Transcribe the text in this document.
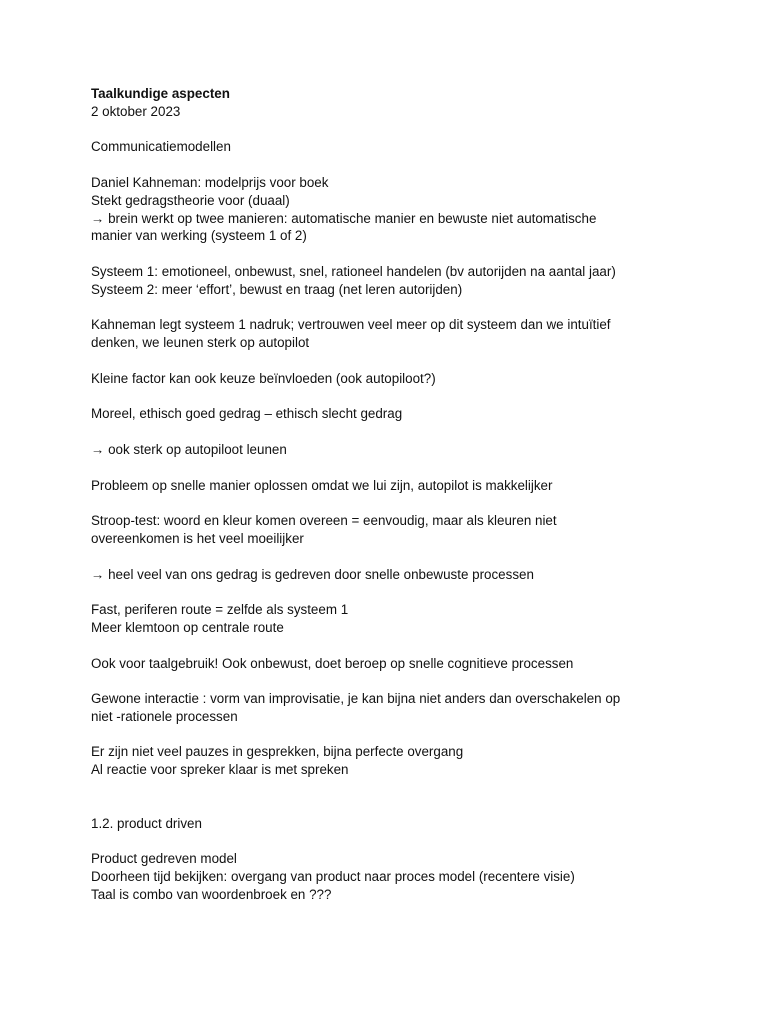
Taalkundige aspecten

2 oktober 2023

Communicatiemodellen

Daniel Kahneman: modelprijs voor boek

Stekt gedragstheorie voor (duaal)

→ brein werkt op twee manieren: automatische manier en bewuste niet automatische

manier van werking (systeem 1 of 2)

Systeem 1: emotioneel, onbewust, snel, rationeel handelen (bv autorijden na aantal jaar)

Systeem 2: meer ‘effort’, bewust en traag (net leren autorijden)

Kahneman legt systeem 1 nadruk; vertrouwen veel meer op dit systeem dan we intuïtief

denken, we leunen sterk op autopilot

Kleine factor kan ook keuze beïnvloeden (ook autopiloot?)

Moreel, ethisch goed gedrag – ethisch slecht gedrag

→ ook sterk op autopiloot leunen

Probleem op snelle manier oplossen omdat we lui zijn, autopilot is makkelijker

Stroop-test: woord en kleur komen overeen = eenvoudig, maar als kleuren niet

overeenkomen is het veel moeilijker

→ heel veel van ons gedrag is gedreven door snelle onbewuste processen

Fast, periferen route = zelfde als systeem 1

Meer klemtoon op centrale route

Ook voor taalgebruik! Ook onbewust, doet beroep op snelle cognitieve processen

Gewone interactie : vorm van improvisatie, je kan bijna niet anders dan overschakelen op

niet -rationele processen

Er zijn niet veel pauzes in gesprekken, bijna perfecte overgang

Al reactie voor spreker klaar is met spreken

1.2. product driven

Product gedreven model

Doorheen tijd bekijken: overgang van product naar proces model (recentere visie)

Taal is combo van woordenbroek en ???
